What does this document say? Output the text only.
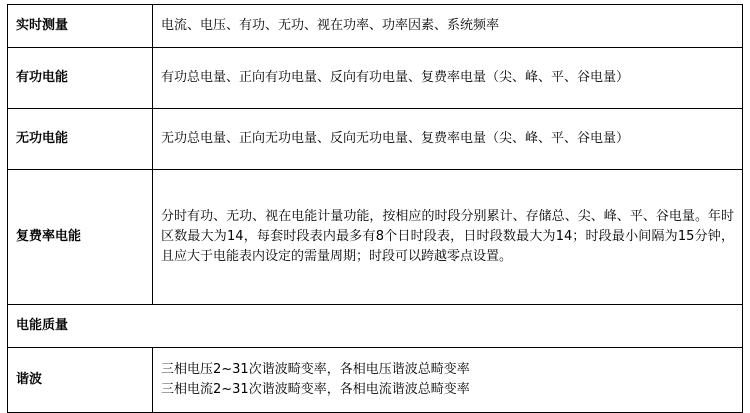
实时测量	电流、电压、有功、无功、视在功率、功率因素、系统频率

有功电能	有功总电量、正向有功电量、反向有功电量、复费率电量（尖、峰、平、谷电量）

无功电能	无功总电量、正向无功电量、反向无功电量、复费率电量（尖、峰、平、谷电量）

复费率电能	分时有功、无功、视在电能计量功能，按相应的时段分别累计、存储总、尖、峰、平、谷电量。年时区数最大为14，每套时段表内最多有8个日时段表，日时段数最大为14；时段最小间隔为15分钟，且应大于电能表内设定的需量周期；时段可以跨越零点设置。

电能质量	
谐波	三相电压2~31次谐波畸变率，各相电压谐波总畸变率
三相电流2~31次谐波畸变率，各相电流谐波总畸变率
